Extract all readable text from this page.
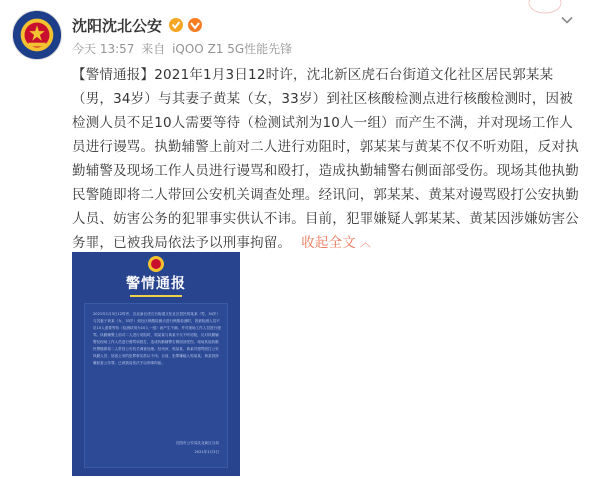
沈阳沈北公安
今天 13:57 来自 iQOO Z1 5G性能先锋
【警情通报】2021年1月3日12时许，沈北新区虎石台街道文化社区居民郭某某（男，34岁）与其妻子黄某（女，33岁）到社区核酸检测点进行核酸检测时，因被检测人员不足10人需要等待（检测试剂为10人一组）而产生不满，并对现场工作人员进行谩骂。执勤辅警上前对二人进行劝阻时，郭某某与黄某不仅不听劝阻，反对执勤辅警及现场工作人员进行谩骂和殴打，造成执勤辅警右侧面部受伤。现场其他执勤民警随即将二人带回公安机关调查处理。经讯问，郭某某、黄某对谩骂殴打公安执勤人员、妨害公务的犯罪事实供认不讳。目前，犯罪嫌疑人郭某某、黄某因涉嫌妨害公务罪，已被我局依法予以刑事拘留。 收起全文 ︿
警情通报
2021年1月3日12时许，沈北新区虎石台街道文化社区居民郭某某（男，34岁）与其妻子黄某（女，33岁）到社区核酸检测点进行核酸检测时，因被检测人员不足10人需要等待（检测试剂为10人一组）而产生不满，并对现场工作人员进行谩骂。执勤辅警上前对二人进行劝阻时，郭某某与黄某不仅不听劝阻，反对执勤辅警及现场工作人员进行谩骂和殴打，造成执勤辅警右侧面部受伤。现场其他执勤民警随即将二人带回公安机关调查处理。经讯问，郭某某、黄某对谩骂殴打公安执勤人员、妨害公务的犯罪事实供认不讳。目前，犯罪嫌疑人郭某某、黄某因涉嫌妨害公务罪，已被我局依法予以刑事拘留。
沈阳市公安局沈北新区分局
2021年1月3日
